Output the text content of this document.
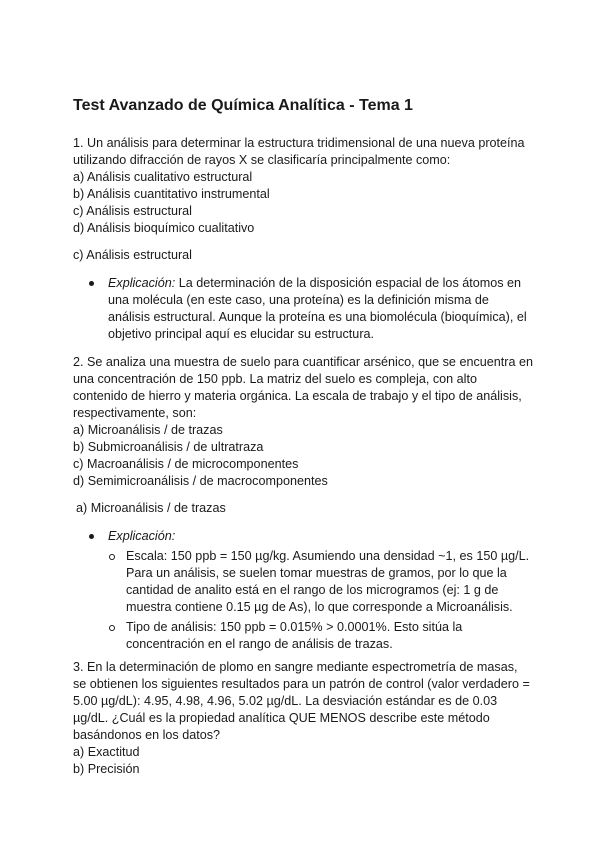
Test Avanzado de Química Analítica - Tema 1

1. Un análisis para determinar la estructura tridimensional de una nueva proteína utilizando difracción de rayos X se clasificaría principalmente como:

a) Análisis cualitativo estructural

b) Análisis cuantitativo instrumental

c) Análisis estructural

d) Análisis bioquímico cualitativo

c) Análisis estructural
Explicación: La determinación de la disposición espacial de los átomos en una molécula (en este caso, una proteína) es la definición misma de análisis estructural. Aunque la proteína es una biomolécula (bioquímica), el objetivo principal aquí es elucidar su estructura.

2. Se analiza una muestra de suelo para cuantificar arsénico, que se encuentra en una concentración de 150 ppb. La matriz del suelo es compleja, con alto contenido de hierro y materia orgánica. La escala de trabajo y el tipo de análisis, respectivamente, son:

a) Microanálisis / de trazas

b) Submicroanálisis / de ultratraza

c) Macroanálisis / de microcomponentes

d) Semimicroanálisis / de macrocomponentes

a) Microanálisis / de trazas
Explicación:
Escala: 150 ppb = 150 µg/kg. Asumiendo una densidad ~1, es 150 µg/L. Para un análisis, se suelen tomar muestras de gramos, por lo que la cantidad de analito está en el rango de los microgramos (ej: 1 g de muestra contiene 0.15 µg de As), lo que corresponde a Microanálisis.
Tipo de análisis: 150 ppb = 0.015% > 0.0001%. Esto sitúa la concentración en el rango de análisis de trazas.

3. En la determinación de plomo en sangre mediante espectrometría de masas, se obtienen los siguientes resultados para un patrón de control (valor verdadero = 5.00 µg/dL): 4.95, 4.98, 4.96, 5.02 µg/dL. La desviación estándar es de 0.03 µg/dL. ¿Cuál es la propiedad analítica QUE MENOS describe este método basándonos en los datos?

a) Exactitud

b) Precisión
